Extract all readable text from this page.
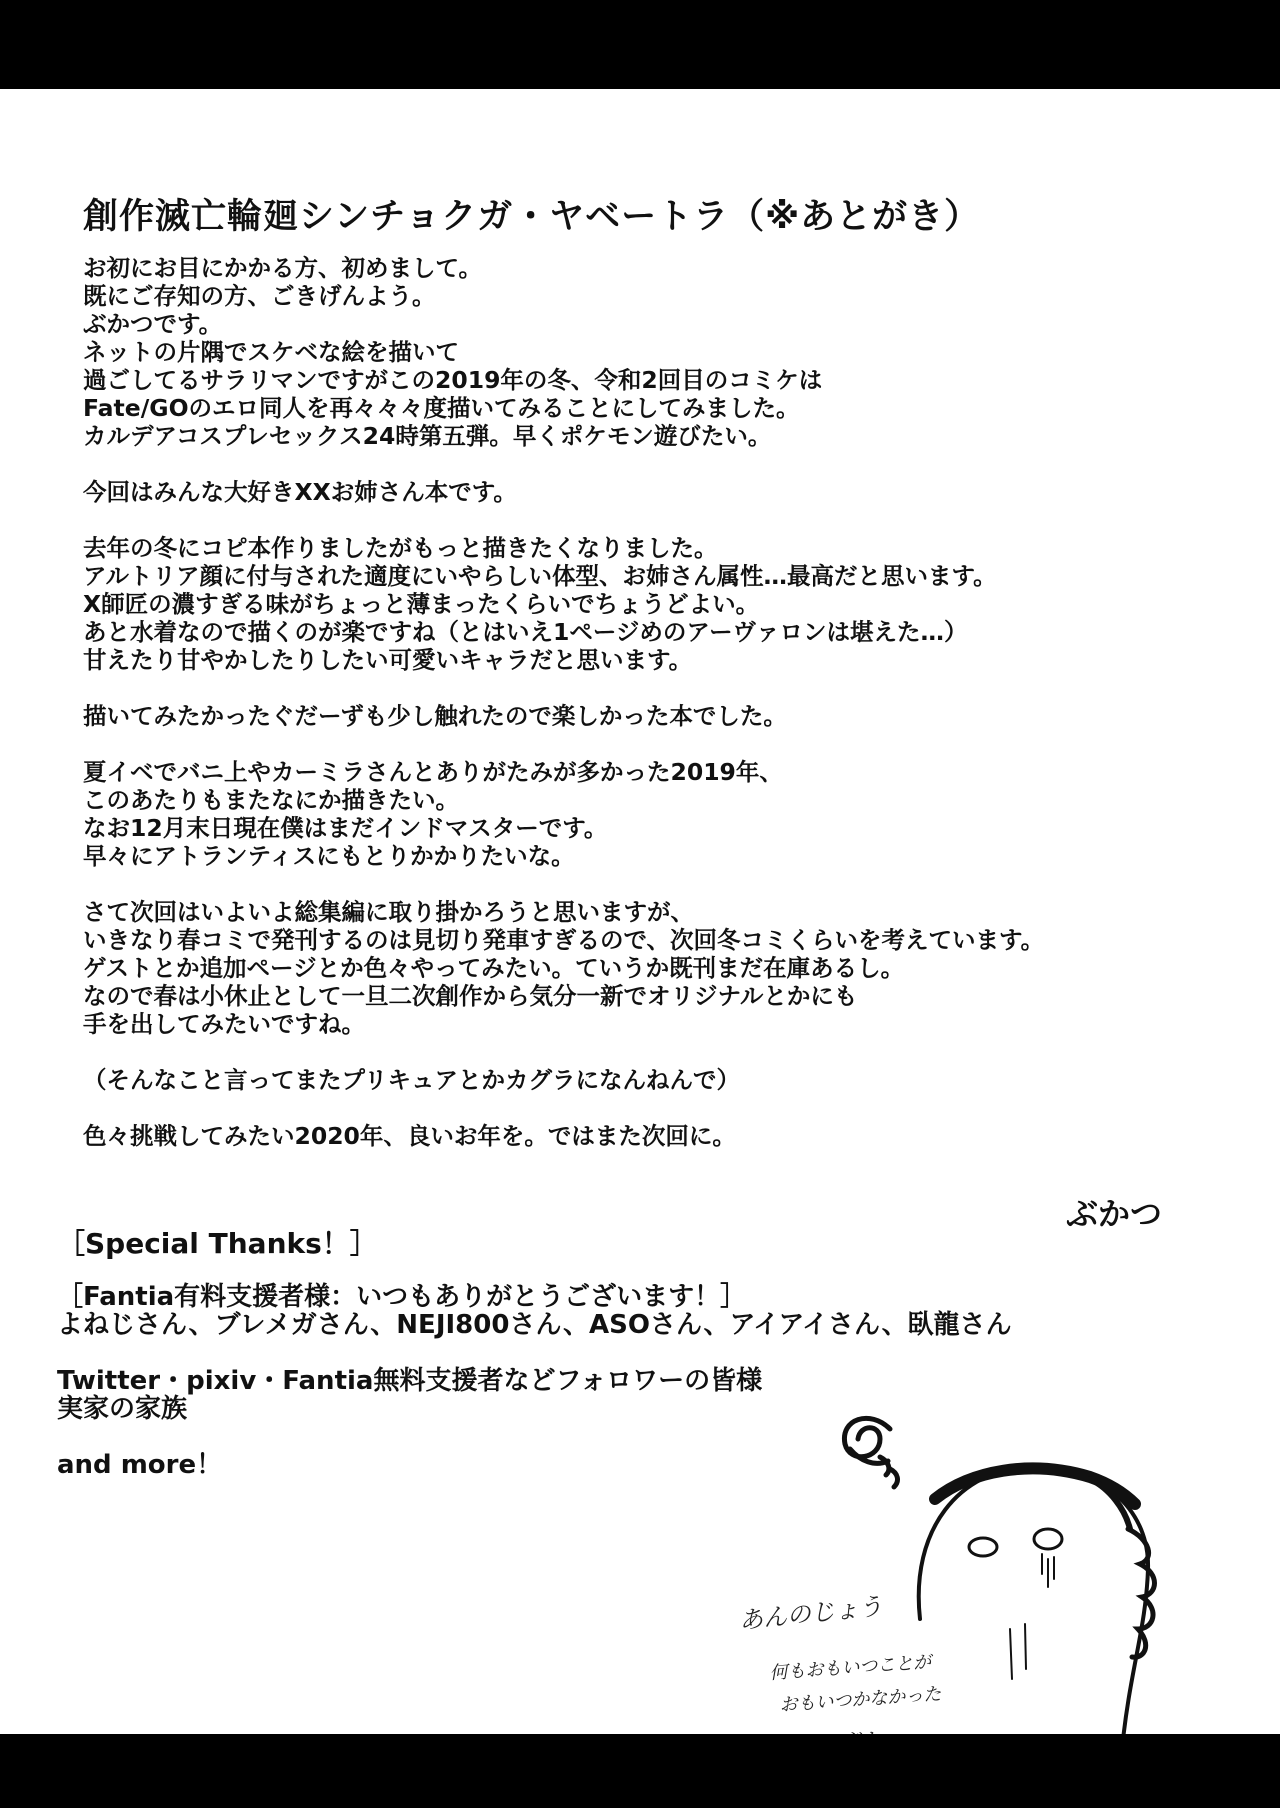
創作滅亡輪廻シンチョクガ・ヤベートラ（※あとがき）
お初にお目にかかる方、初めまして。
既にご存知の方、ごきげんよう。
ぶかつです。
ネットの片隅でスケベな絵を描いて
過ごしてるサラリマンですがこの2019年の冬、令和2回目のコミケは
Fate/GOのエロ同人を再々々々度描いてみることにしてみました。
カルデアコスプレセックス24時第五弾。早くポケモン遊びたい。
今回はみんな大好きXXお姉さん本です。
去年の冬にコピ本作りましたがもっと描きたくなりました。
アルトリア顔に付与された適度にいやらしい体型、お姉さん属性…最高だと思います。
X師匠の濃すぎる味がちょっと薄まったくらいでちょうどよい。
あと水着なので描くのが楽ですね（とはいえ1ページめのアーヴァロンは堪えた…）
甘えたり甘やかしたりしたい可愛いキャラだと思います。
描いてみたかったぐだーずも少し触れたので楽しかった本でした。
夏イベでバニ上やカーミラさんとありがたみが多かった2019年、
このあたりもまたなにか描きたい。
なお12月末日現在僕はまだインドマスターです。
早々にアトランティスにもとりかかりたいな。
さて次回はいよいよ総集編に取り掛かろうと思いますが、
いきなり春コミで発刊するのは見切り発車すぎるので、次回冬コミくらいを考えています。
ゲストとか追加ページとか色々やってみたい。ていうか既刊まだ在庫あるし。
なので春は小休止として一旦二次創作から気分一新でオリジナルとかにも
手を出してみたいですね。
（そんなこと言ってまたプリキュアとかカグラになんねんで）
色々挑戦してみたい2020年、良いお年を。ではまた次回に。
ぶかつ
［Special Thanks！］
［Fantia有料支援者様：いつもありがとうございます！］
よねじさん、ブレメガさん、NEJI800さん、ASOさん、アイアイさん、臥龍さん
Twitter・pixiv・Fantia無料支援者などフォロワーの皆様
実家の家族
and more！
あんのじょう
何もおもいつことが
おもいつかなかった
